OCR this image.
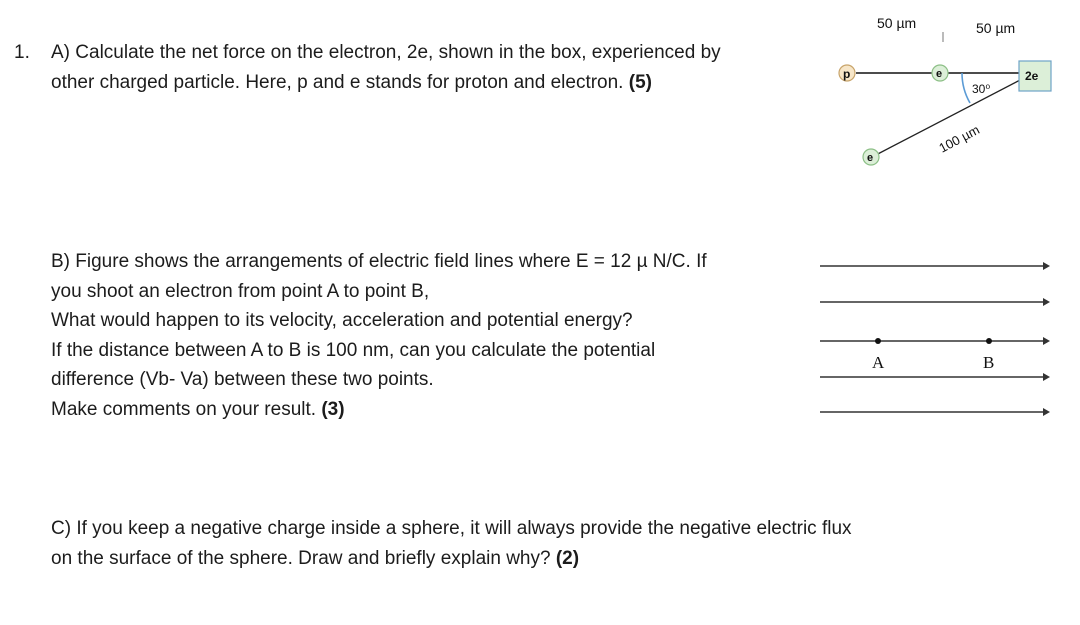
1. A) Calculate the net force on the electron, 2e, shown in the box, experienced by
other charged particle. Here, p and e stands for proton and electron. (5)
B) Figure shows the arrangements of electric field lines where E = 12 µ N/C. If
you shoot an electron from point A to point B,
What would happen to its velocity, acceleration and potential energy?
If the distance between A to B is 100 nm, can you calculate the potential
difference (Vb- Va) between these two points.
Make comments on your result. (3)
C) If you keep a negative charge inside a sphere, it will always provide the negative electric flux
on the surface of the sphere. Draw and briefly explain why? (2)
50 µm	50 µm
p	e
e
2e
30⁰
100 µm
A	B
